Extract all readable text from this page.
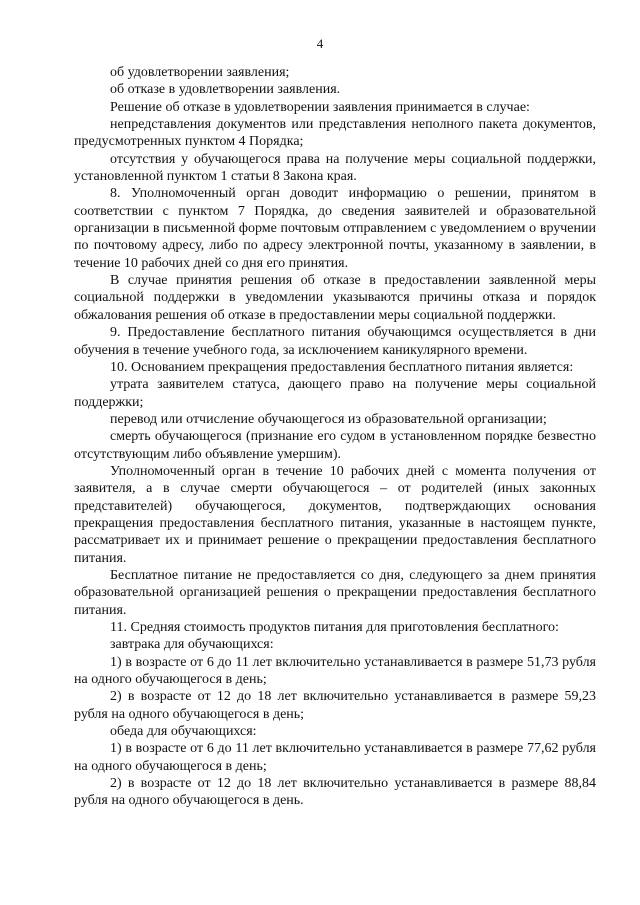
4

об удовлетворении заявления;

об отказе в удовлетворении заявления.

Решение об отказе в удовлетворении заявления принимается в случае:

непредставления документов или представления неполного пакета документов, предусмотренных пунктом 4 Порядка;

отсутствия у обучающегося права на получение меры социальной поддержки, установленной пунктом 1 статьи 8 Закона края.

8. Уполномоченный орган доводит информацию о решении, принятом в соответствии с пунктом 7 Порядка, до сведения заявителей и образовательной организации в письменной форме почтовым отправлением с уведомлением о вручении по почтовому адресу, либо по адресу электронной почты, указанному в заявлении, в течение 10 рабочих дней со дня его принятия.

В случае принятия решения об отказе в предоставлении заявленной меры социальной поддержки в уведомлении указываются причины отказа и порядок обжалования решения об отказе в предоставлении меры социальной поддержки.

9. Предоставление бесплатного питания обучающимся осуществляется в дни обучения в течение учебного года, за исключением каникулярного времени.

10. Основанием прекращения предоставления бесплатного питания является:

утрата заявителем статуса, дающего право на получение меры социальной поддержки;

перевод или отчисление обучающегося из образовательной организации;

смерть обучающегося (признание его судом в установленном порядке безвестно отсутствующим либо объявление умершим).

Уполномоченный орган в течение 10 рабочих дней с момента получения от заявителя, а в случае смерти обучающегося – от родителей (иных законных представителей) обучающегося, документов, подтверждающих основания прекращения предоставления бесплатного питания, указанные в настоящем пункте, рассматривает их и принимает решение о прекращении предоставления бесплатного питания.

Бесплатное питание не предоставляется со дня, следующего за днем принятия образовательной организацией решения о прекращении предоставления бесплатного питания.

11. Средняя стоимость продуктов питания для приготовления бесплатного:

завтрака для обучающихся:

1) в возрасте от 6 до 11 лет включительно устанавливается в размере 51,73 рубля на одного обучающегося в день;

2) в возрасте от 12 до 18 лет включительно устанавливается в размере 59,23 рубля на одного обучающегося в день;

обеда для обучающихся:

1) в возрасте от 6 до 11 лет включительно устанавливается в размере 77,62 рубля на одного обучающегося в день;

2) в возрасте от 12 до 18 лет включительно устанавливается в размере 88,84 рубля на одного обучающегося в день.
